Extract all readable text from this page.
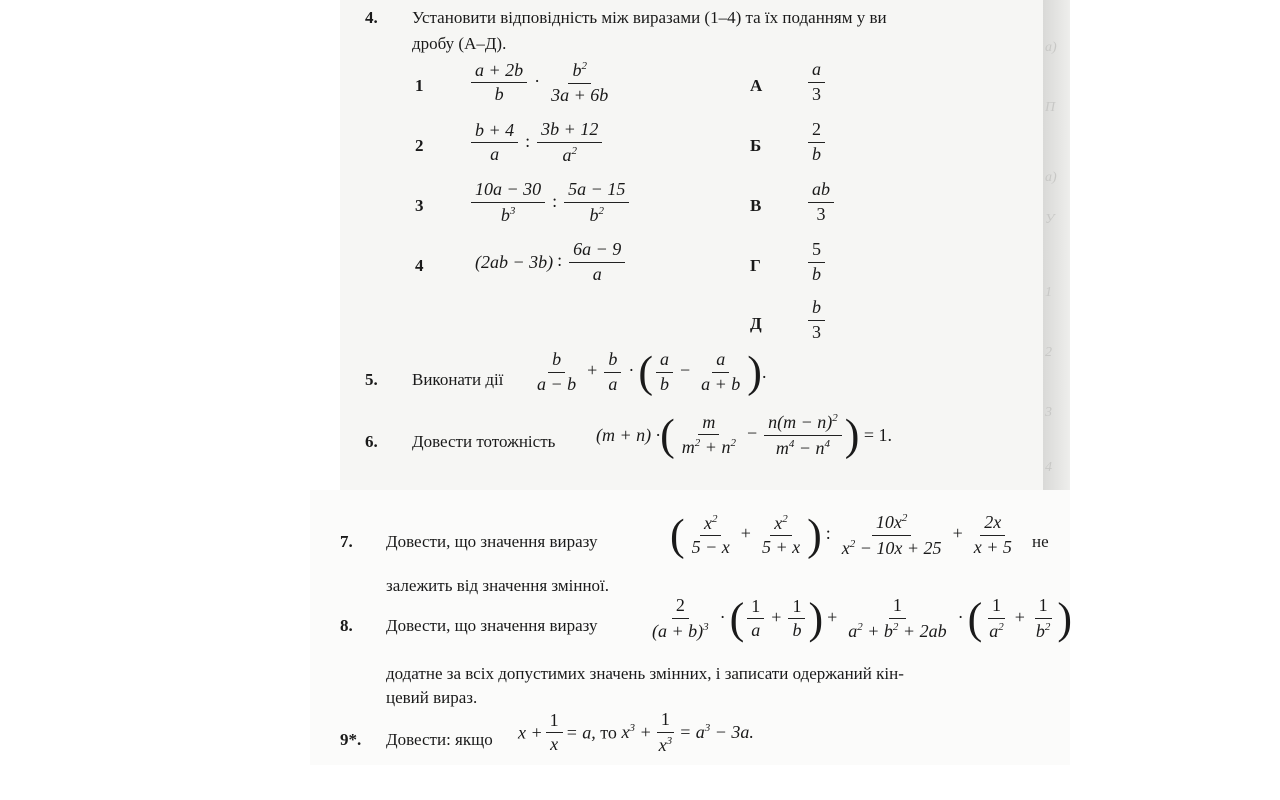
4. Установити відповідність між виразами (1–4) та їх поданням у ви
дробу (А–Д).
1	$\frac{a + 2b}{b} \cdot \frac{b^2}{3a + 6b}$	А	$\frac{a}{3}$
2	$\frac{b + 4}{a}$ : $\frac{3b + 12}{a^2}$	Б	$\frac{2}{b}$
3	$\frac{10a - 30}{b^3}$ : $\frac{5a - 15}{b^2}$	В	$\frac{ab}{3}$
4	(2ab − 3b) : $\frac{6a - 9}{a}$	Г	$\frac{5}{b}$
Д	$\frac{b}{3}$
5. Виконати дії $\frac{b}{a - b} + \frac{b}{a}$ ·( $\frac{a}{b} - \frac{a}{a + b}$ ).
6. Довести тотожність (m + n) ·( $\frac{m}{m^2 + n^2} - \frac{n(m - n)^2}{m^4 - n^4}$ ) = 1.
а)
П
а)
У
1
2
3
4
7. Довести, що значення виразу ( $\frac{x^2}{5 - x} + \frac{x^2}{5 + x}$ ) : $\frac{10x^2}{x^2 - 10x + 25} + \frac{2x}{x + 5}$ не
залежить від значення змінної.
8. Довести, що значення виразу	$\frac{2}{(a + b)^3}$ ·( $\frac{1}{a} + \frac{1}{b}$ ) + $\frac{1}{a^2 + b^2 + 2ab}$ ·( $\frac{1}{a^2} + \frac{1}{b^2}$ )
додатне за всіх допустимих значень змінних, і записати одержаний кін-
цевий вираз.
9*. Довести: якщо $x + \frac{1}{x} = a$, то $x^3 + \frac{1}{x^3} = a^3 - 3a$.
